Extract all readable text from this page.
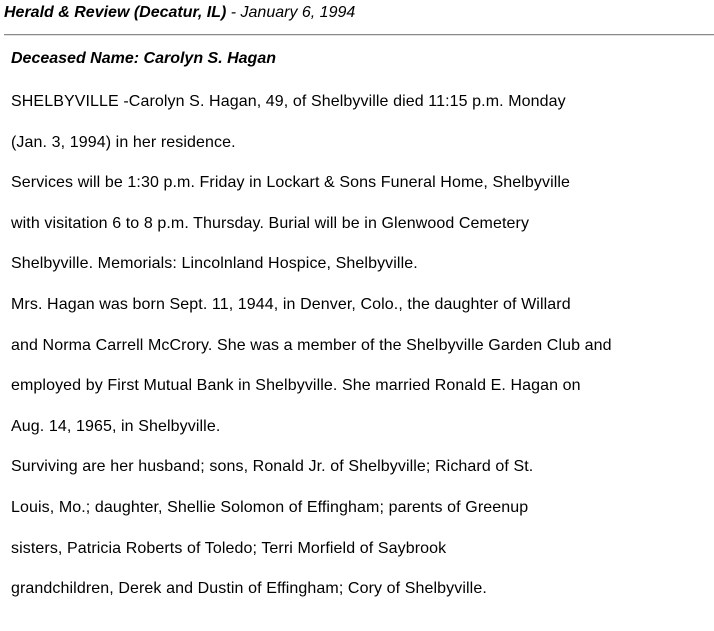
Herald & Review (Decatur, IL) - January 6, 1994
Deceased Name: Carolyn S. Hagan
SHELBYVILLE -Carolyn S. Hagan, 49, of Shelbyville died 11:15 p.m. Monday
(Jan. 3, 1994) in her residence.
Services will be 1:30 p.m. Friday in Lockart & Sons Funeral Home, Shelbyville
with visitation 6 to 8 p.m. Thursday. Burial will be in Glenwood Cemetery
Shelbyville. Memorials: Lincolnland Hospice, Shelbyville.
Mrs. Hagan was born Sept. 11, 1944, in Denver, Colo., the daughter of Willard
and Norma Carrell McCrory. She was a member of the Shelbyville Garden Club and
employed by First Mutual Bank in Shelbyville. She married Ronald E. Hagan on
Aug. 14, 1965, in Shelbyville.
Surviving are her husband; sons, Ronald Jr. of Shelbyville; Richard of St.
Louis, Mo.; daughter, Shellie Solomon of Effingham; parents of Greenup
sisters, Patricia Roberts of Toledo; Terri Morfield of Saybrook
grandchildren, Derek and Dustin of Effingham; Cory of Shelbyville.
